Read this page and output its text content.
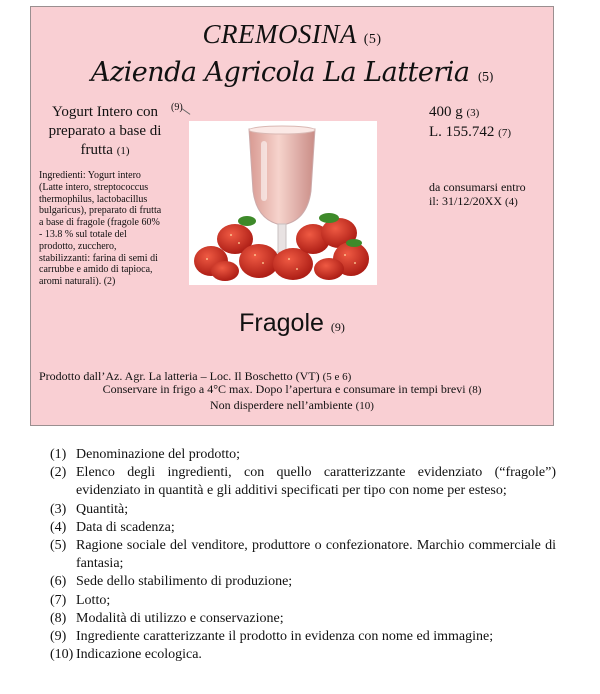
CREMOSINA (5)
Azienda Agricola La Latteria (5)
Yogurt Intero con preparato a base di frutta (1)
Ingredienti: Yogurt intero (Latte intero, streptococcus thermophilus, lactobacillus bulgaricus), preparato di frutta a base di fragole (fragole 60% - 13.8 % sul totale del prodotto, zucchero, stabilizzanti: farina di semi di carrubbe e amido di tapioca, aromi naturali). (2)
(9)	400 g (3)
L. 155.742 (7)
da consumarsi entro
il: 31/12/20XX (4)
Fragole (9)
Prodotto dall’Az. Agr. La latteria – Loc. Il Boschetto (VT) (5 e 6)
Conservare in frigo a 4°C max. Dopo l’apertura e consumare in tempi brevi (8)
Non disperdere nell’ambiente (10)
(1) Denominazione del prodotto;
(2) Elenco degli ingredienti, con quello caratterizzante evidenziato (“fragole”) evidenziato in quantità e gli additivi specificati per tipo con nome per esteso;
(3) Quantità;
(4) Data di scadenza;
(5) Ragione sociale del venditore, produttore o confezionatore. Marchio commerciale di fantasia;
(6) Sede dello stabilimento di produzione;
(7) Lotto;
(8) Modalità di utilizzo e conservazione;
(9) Ingrediente caratterizzante il prodotto in evidenza con nome ed immagine;
(10) Indicazione ecologica.
